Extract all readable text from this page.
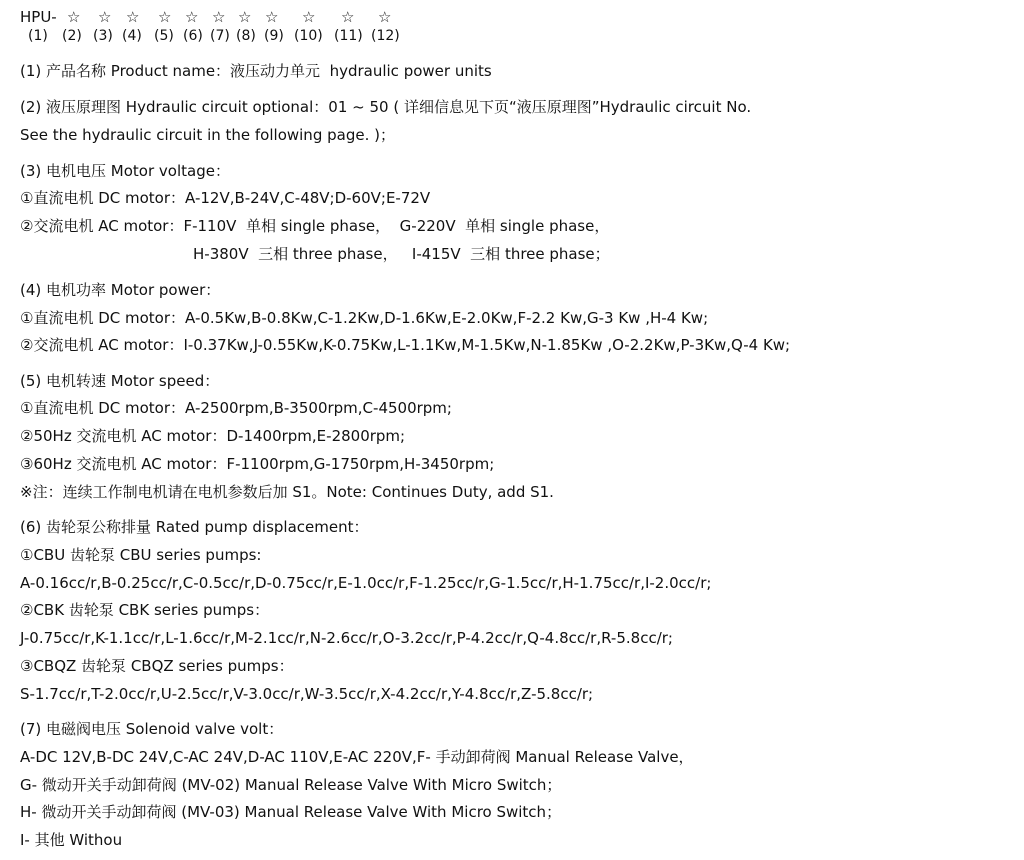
HPU- ☆ ☆ ☆ ☆ ☆ ☆ ☆ ☆ ☆ ☆ ☆
(1) (2) (3) (4) (5) (6) (7) (8) (9) (10) (11) (12)
(1) 产品名称 Product name：液压动力单元  hydraulic power units
(2) 液压原理图 Hydraulic circuit optional：01 ~ 50 ( 详细信息见下页“液压原理图”Hydraulic circuit No.
See the hydraulic circuit in the following page. )；
(3) 电机电压 Motor voltage：
①直流电机 DC motor：A-12V,B-24V,C-48V;D-60V;E-72V
②交流电机 AC motor：F-110V  单相 single phase，  G-220V  单相 single phase，
H-380V  三相 three phase，   I-415V  三相 three phase；
(4) 电机功率 Motor power：
①直流电机 DC motor：A-0.5Kw,B-0.8Kw,C-1.2Kw,D-1.6Kw,E-2.0Kw,F-2.2 Kw,G-3 Kw ,H-4 Kw;
②交流电机 AC motor：I-0.37Kw,J-0.55Kw,K-0.75Kw,L-1.1Kw,M-1.5Kw,N-1.85Kw ,O-2.2Kw,P-3Kw,Q-4 Kw;
(5) 电机转速 Motor speed：
①直流电机 DC motor：A-2500rpm,B-3500rpm,C-4500rpm;
②50Hz 交流电机 AC motor：D-1400rpm,E-2800rpm;
③60Hz 交流电机 AC motor：F-1100rpm,G-1750rpm,H-3450rpm;
※注：连续工作制电机请在电机参数后加 S1。Note: Continues Duty, add S1.
(6) 齿轮泵公称排量 Rated pump displacement：
①CBU 齿轮泵 CBU series pumps:
A-0.16cc/r,B-0.25cc/r,C-0.5cc/r,D-0.75cc/r,E-1.0cc/r,F-1.25cc/r,G-1.5cc/r,H-1.75cc/r,I-2.0cc/r;
②CBK 齿轮泵 CBK series pumps：
J-0.75cc/r,K-1.1cc/r,L-1.6cc/r,M-2.1cc/r,N-2.6cc/r,O-3.2cc/r,P-4.2cc/r,Q-4.8cc/r,R-5.8cc/r;
③CBQZ 齿轮泵 CBQZ series pumps：
S-1.7cc/r,T-2.0cc/r,U-2.5cc/r,V-3.0cc/r,W-3.5cc/r,X-4.2cc/r,Y-4.8cc/r,Z-5.8cc/r;
(7) 电磁阀电压 Solenoid valve volt：
A-DC 12V,B-DC 24V,C-AC 24V,D-AC 110V,E-AC 220V,F- 手动卸荷阀 Manual Release Valve，
G- 微动开关手动卸荷阀 (MV-02) Manual Release Valve With Micro Switch；
H- 微动开关手动卸荷阀 (MV-03) Manual Release Valve With Micro Switch；
I- 其他 Withou
